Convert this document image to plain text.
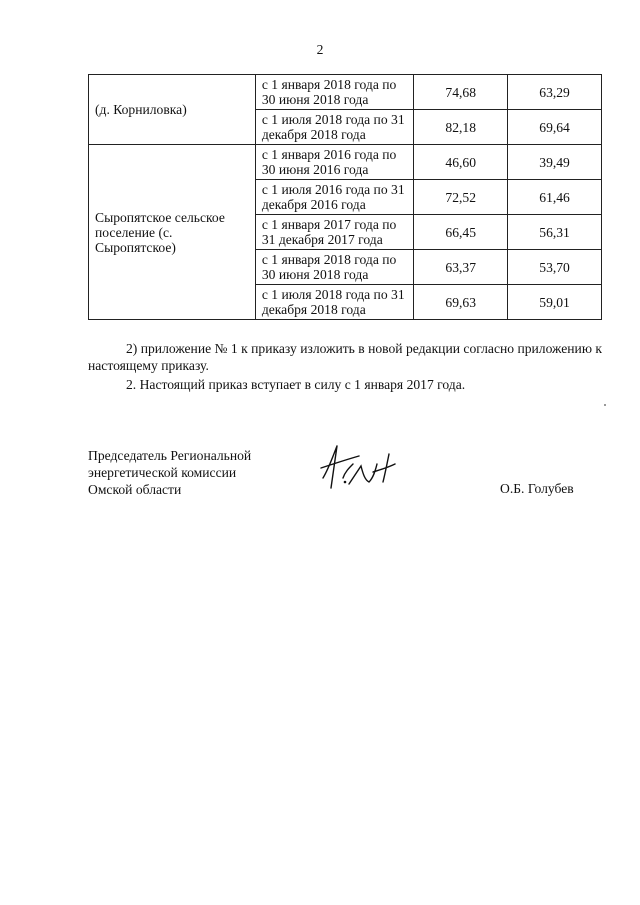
2
(д. Корниловка)	с 1 января 2018 года по 30 июня 2018 года	74,68	63,29
	с 1 июля 2018 года по 31 декабря 2018 года	82,18	69,64
Сыропятское сельское поселение (с. Сыропятское)	с 1 января 2016 года по 30 июня 2016 года	46,60	39,49
	с 1 июля 2016 года по 31 декабря 2016 года	72,52	61,46
	с 1 января 2017 года по 31 декабря 2017 года	66,45	56,31
	с 1 января 2018 года по 30 июня 2018 года	63,37	53,70
	с 1 июля 2018 года по 31 декабря 2018 года	69,63	59,01
2) приложение № 1 к приказу изложить в новой редакции согласно приложению к настоящему приказу.
2. Настоящий приказ вступает в силу с 1 января 2017 года.
Председатель Региональной
энергетической комиссии
Омской области	О.Б. Голубев
